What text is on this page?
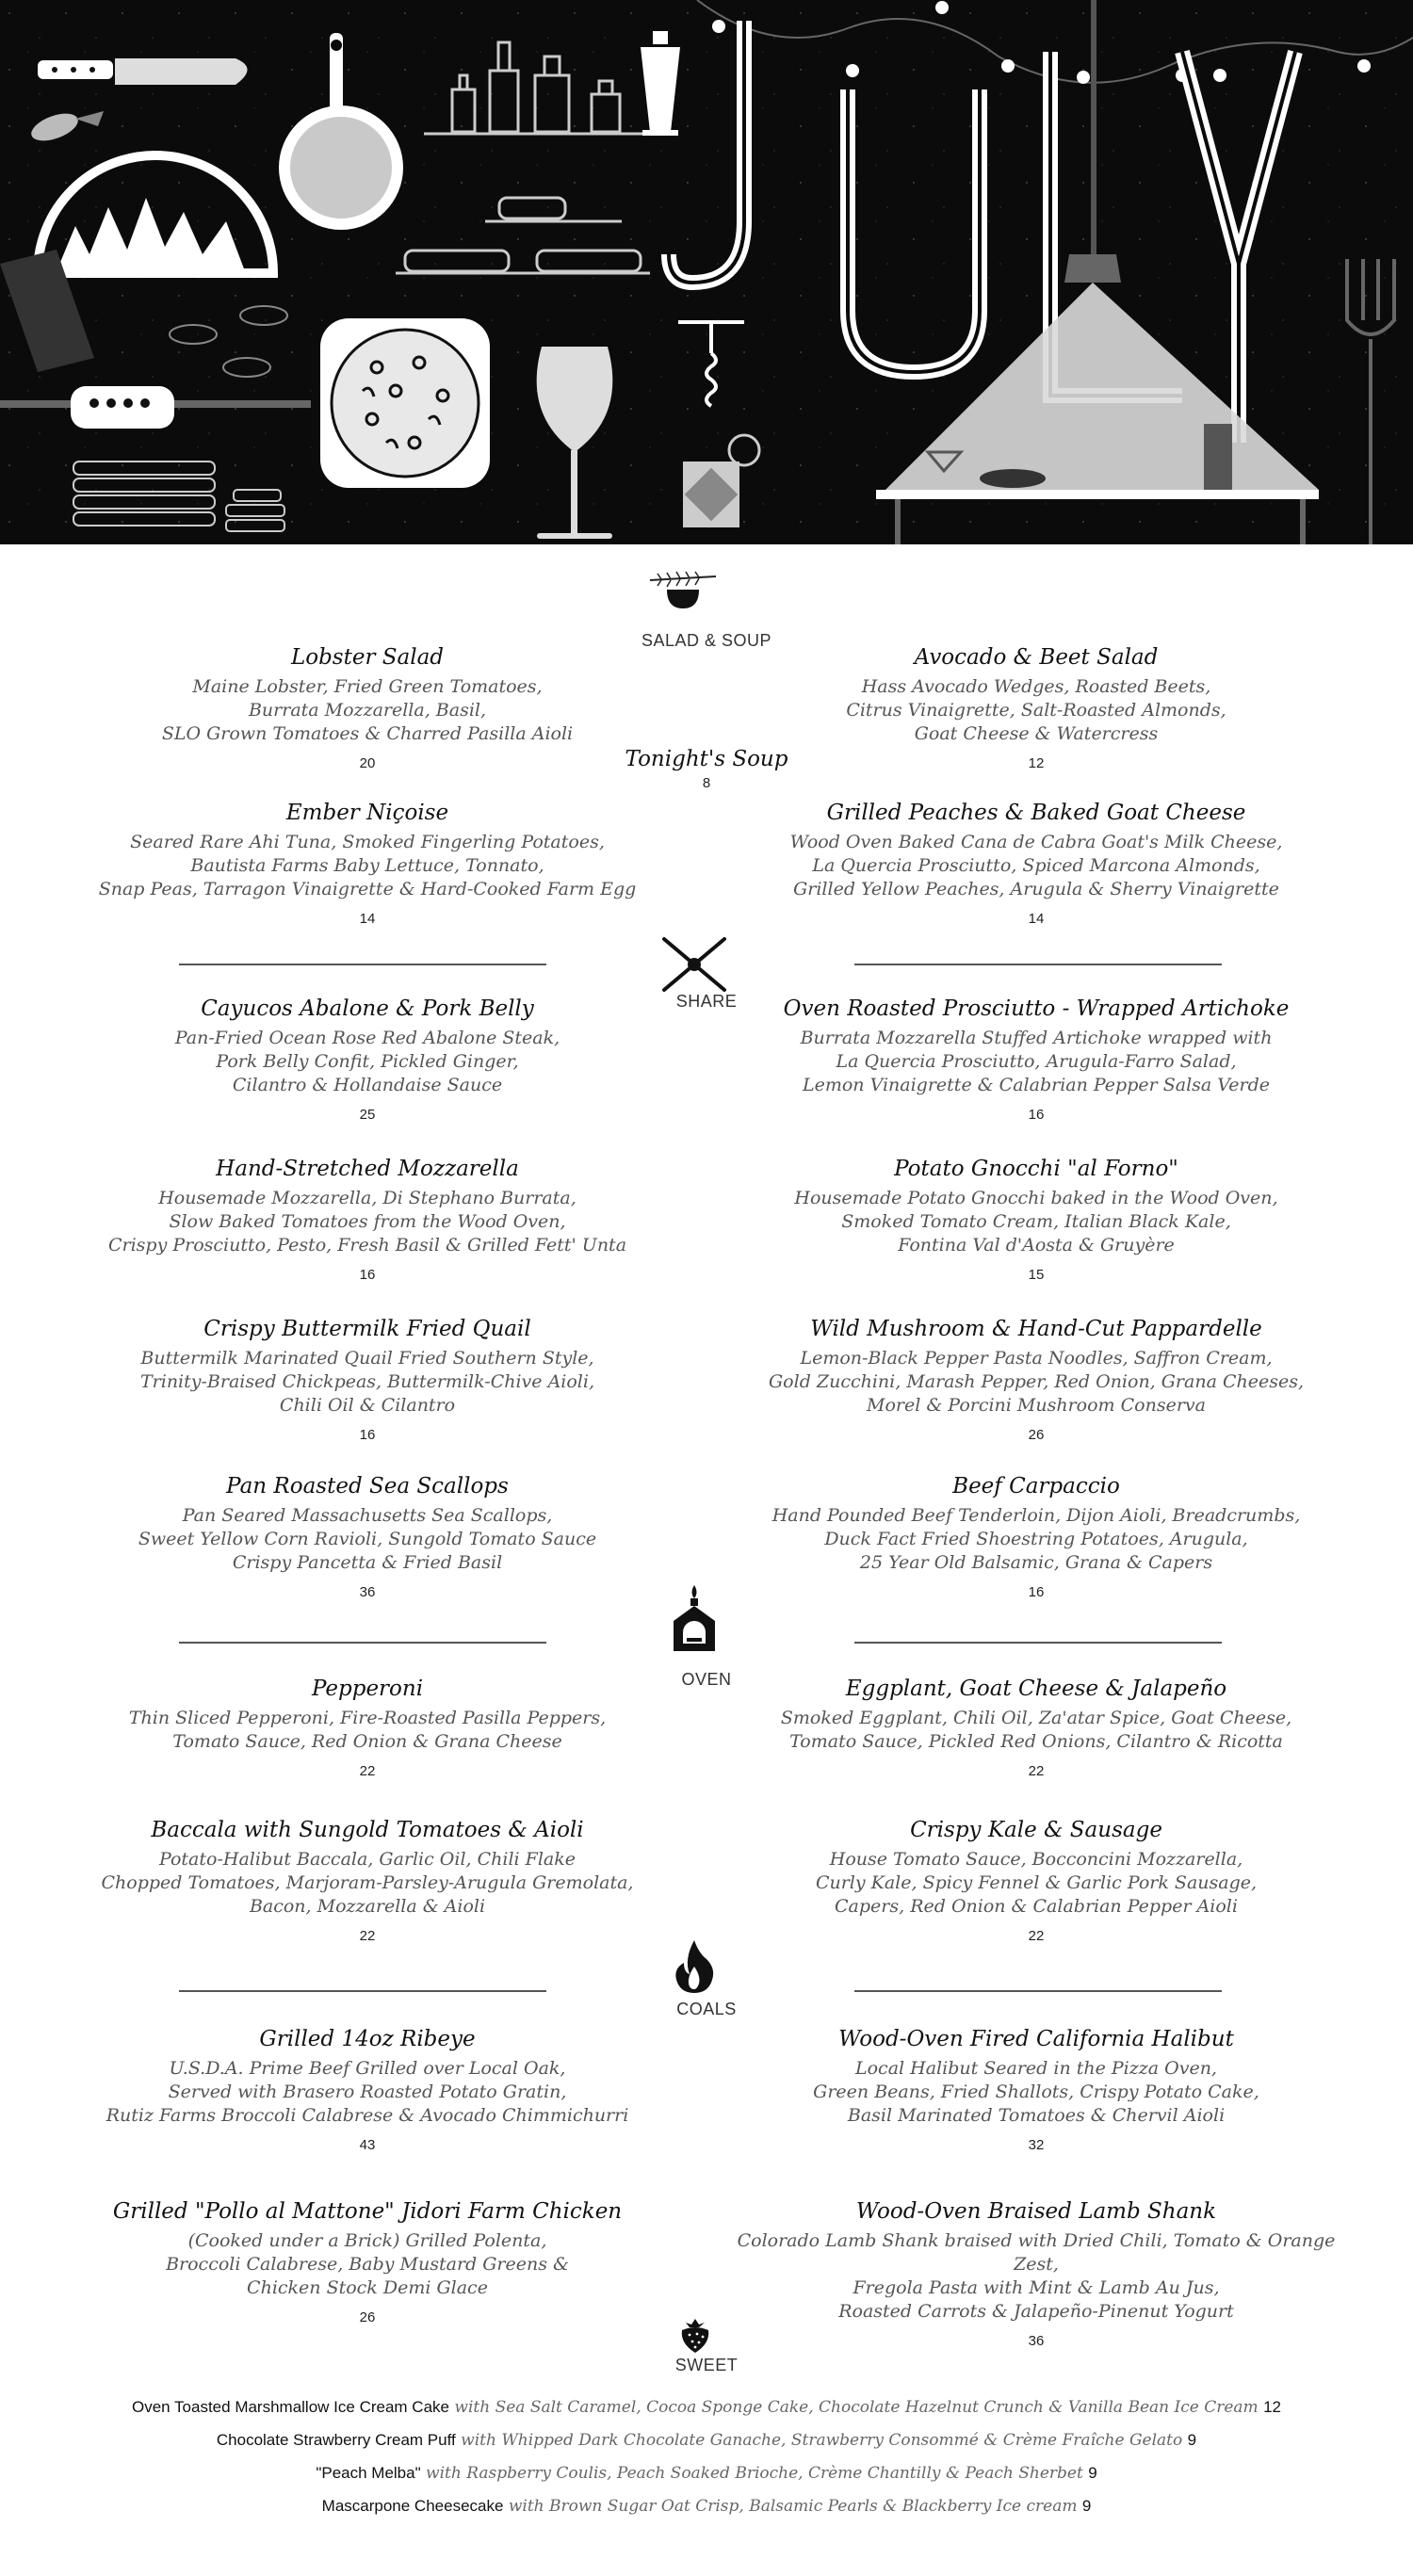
SALAD & SOUP
Lobster Salad
Maine Lobster, Fried Green Tomatoes,
Burrata Mozzarella, Basil,
SLO Grown Tomatoes & Charred Pasilla Aioli
20
Avocado & Beet Salad
Hass Avocado Wedges, Roasted Beets,
Citrus Vinaigrette, Salt-Roasted Almonds,
Goat Cheese & Watercress
12
Tonight's Soup
8
Ember Niçoise
Seared Rare Ahi Tuna, Smoked Fingerling Potatoes,
Bautista Farms Baby Lettuce, Tonnato,
Snap Peas, Tarragon Vinaigrette & Hard-Cooked Farm Egg
14
Grilled Peaches & Baked Goat Cheese
Wood Oven Baked Cana de Cabra Goat's Milk Cheese,
La Quercia Prosciutto, Spiced Marcona Almonds,
Grilled Yellow Peaches, Arugula & Sherry Vinaigrette
14
SHARE
Cayucos Abalone & Pork Belly
Pan-Fried Ocean Rose Red Abalone Steak,
Pork Belly Confit, Pickled Ginger,
Cilantro & Hollandaise Sauce
25
Oven Roasted Prosciutto - Wrapped Artichoke
Burrata Mozzarella Stuffed Artichoke wrapped with
La Quercia Prosciutto, Arugula-Farro Salad,
Lemon Vinaigrette & Calabrian Pepper Salsa Verde
16
Hand-Stretched Mozzarella
Housemade Mozzarella, Di Stephano Burrata,
Slow Baked Tomatoes from the Wood Oven,
Crispy Prosciutto, Pesto, Fresh Basil & Grilled Fett' Unta
16
Potato Gnocchi "al Forno"
Housemade Potato Gnocchi baked in the Wood Oven,
Smoked Tomato Cream, Italian Black Kale,
Fontina Val d'Aosta & Gruyère
15
Crispy Buttermilk Fried Quail
Buttermilk Marinated Quail Fried Southern Style,
Trinity-Braised Chickpeas, Buttermilk-Chive Aioli,
Chili Oil & Cilantro
16
Wild Mushroom & Hand-Cut Pappardelle
Lemon-Black Pepper Pasta Noodles, Saffron Cream,
Gold Zucchini, Marash Pepper, Red Onion, Grana Cheeses,
Morel & Porcini Mushroom Conserva
26
Pan Roasted Sea Scallops
Pan Seared Massachusetts Sea Scallops,
Sweet Yellow Corn Ravioli, Sungold Tomato Sauce
Crispy Pancetta & Fried Basil
36
Beef Carpaccio
Hand Pounded Beef Tenderloin, Dijon Aioli, Breadcrumbs,
Duck Fact Fried Shoestring Potatoes, Arugula,
25 Year Old Balsamic, Grana & Capers
16
OVEN
Pepperoni
Thin Sliced Pepperoni, Fire-Roasted Pasilla Peppers,
Tomato Sauce, Red Onion & Grana Cheese
22
Eggplant, Goat Cheese & Jalapeño
Smoked Eggplant, Chili Oil, Za'atar Spice, Goat Cheese,
Tomato Sauce, Pickled Red Onions, Cilantro & Ricotta
22
Baccala with Sungold Tomatoes & Aioli
Potato-Halibut Baccala, Garlic Oil, Chili Flake
Chopped Tomatoes, Marjoram-Parsley-Arugula Gremolata,
Bacon, Mozzarella & Aioli
22
Crispy Kale & Sausage
House Tomato Sauce, Bocconcini Mozzarella,
Curly Kale, Spicy Fennel & Garlic Pork Sausage,
Capers, Red Onion & Calabrian Pepper Aioli
22
COALS
Grilled 14oz Ribeye
U.S.D.A. Prime Beef Grilled over Local Oak,
Served with Brasero Roasted Potato Gratin,
Rutiz Farms Broccoli Calabrese & Avocado Chimmichurri
43
Wood-Oven Fired California Halibut
Local Halibut Seared in the Pizza Oven,
Green Beans, Fried Shallots, Crispy Potato Cake,
Basil Marinated Tomatoes & Chervil Aioli
32
Grilled "Pollo al Mattone" Jidori Farm Chicken
(Cooked under a Brick) Grilled Polenta,
Broccoli Calabrese, Baby Mustard Greens &
Chicken Stock Demi Glace
26
Wood-Oven Braised Lamb Shank
Colorado Lamb Shank braised with Dried Chili, Tomato & Orange Zest,
Fregola Pasta with Mint & Lamb Au Jus,
Roasted Carrots & Jalapeño-Pinenut Yogurt
36
SWEET
Oven Toasted Marshmallow Ice Cream Cake with Sea Salt Caramel, Cocoa Sponge Cake, Chocolate Hazelnut Crunch & Vanilla Bean Ice Cream 12
Chocolate Strawberry Cream Puff with Whipped Dark Chocolate Ganache, Strawberry Consommé & Crème Fraîche Gelato 9
"Peach Melba" with Raspberry Coulis, Peach Soaked Brioche, Crème Chantilly & Peach Sherbet 9
Mascarpone Cheesecake with Brown Sugar Oat Crisp, Balsamic Pearls & Blackberry Ice cream 9
